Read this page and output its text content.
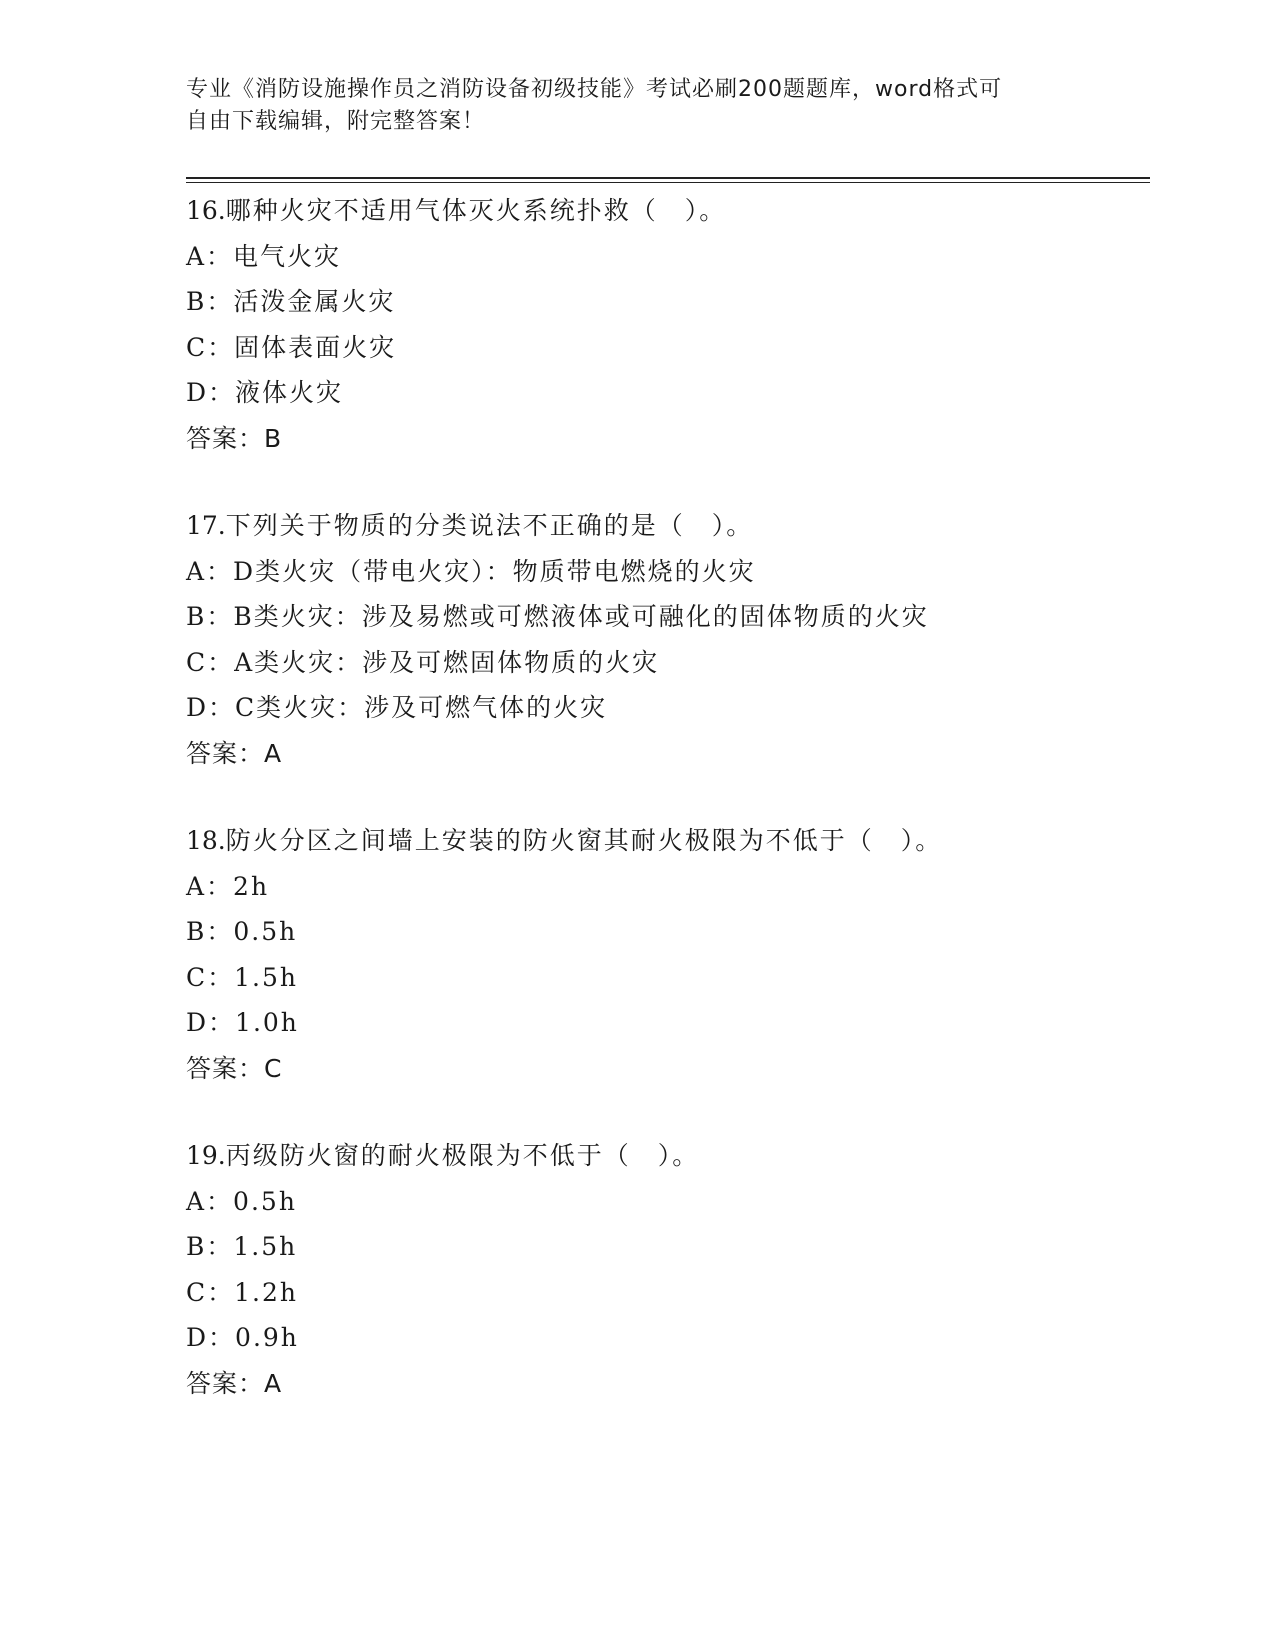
专业《消防设施操作员之消防设备初级技能》考试必刷200题题库，word格式可
自由下载编辑，附完整答案！
16.哪种火灾不适用气体灭火系统扑救（　）。
A：电气火灾
B：活泼金属火灾
C：固体表面火灾
D：液体火灾
答案：B
17.下列关于物质的分类说法不正确的是（　）。
A：D类火灾（带电火灾）：物质带电燃烧的火灾
B：B类火灾：涉及易燃或可燃液体或可融化的固体物质的火灾
C：A类火灾：涉及可燃固体物质的火灾
D：C类火灾：涉及可燃气体的火灾
答案：A
18.防火分区之间墙上安装的防火窗其耐火极限为不低于（　）。
A：2h
B：0.5h
C：1.5h
D：1.0h
答案：C
19.丙级防火窗的耐火极限为不低于（　）。
A：0.5h
B：1.5h
C：1.2h
D：0.9h
答案：A
